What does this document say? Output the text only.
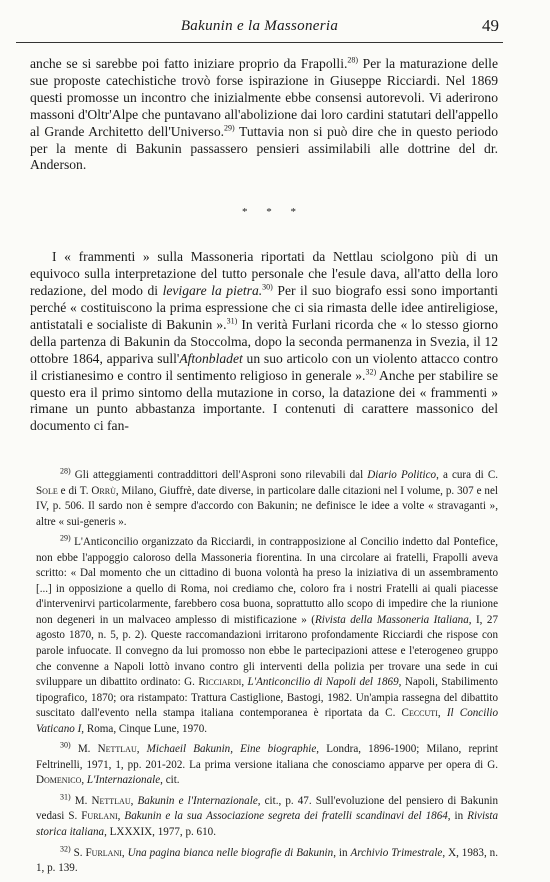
Bakunin e la Massoneria	49

anche se si sarebbe poi fatto iniziare proprio da Frapolli.$^{28)}$ Per la maturazione delle sue proposte catechistiche trovò forse ispirazione in Giuseppe Ricciardi. Nel 1869 questi promosse un incontro che inizialmente ebbe consensi autorevoli. Vi aderirono massoni d'Oltr'Alpe che puntavano all'abolizione dai loro cardini statutari dell'appello al Grande Architetto dell'Universo.$^{29)}$ Tuttavia non si può dire che in questo periodo per la mente di Bakunin passassero pensieri assimilabili alle dottrine del dr. Anderson.

* * *

I « frammenti » sulla Massoneria riportati da Nettlau sciolgono più di un equivoco sulla interpretazione del tutto personale che l'esule dava, all'atto della loro redazione, del modo di levigare la pietra.$^{30)}$ Per il suo biografo essi sono importanti perché « costituiscono la prima espressione che ci sia rimasta delle idee antireligiose, antistatali e socialiste di Bakunin ».$^{31)}$ In verità Furlani ricorda che « lo stesso giorno della partenza di Bakunin da Stoccolma, dopo la seconda permanenza in Svezia, il 12 ottobre 1864, appariva sull'Aftonbladet un suo articolo con un violento attacco contro il cristianesimo e contro il sentimento religioso in generale ».$^{32)}$ Anche per stabilire se questo era il primo sintomo della mutazione in corso, la datazione dei « frammenti » rimane un punto abbastanza importante. I contenuti di carattere massonico del documento ci fan-

$^{28)}$ Gli atteggiamenti contraddittori dell'Asproni sono rilevabili dal Diario Politico, a cura di C. Sole e di T. Orrù, Milano, Giuffrè, date diverse, in particolare dalle citazioni nel I volume, p. 307 e nel IV, p. 506. Il sardo non è sempre d'accordo con Bakunin; ne definisce le idee a volte « stravaganti », altre « sui-generis ».

$^{29)}$ L'Anticoncilio organizzato da Ricciardi, in contrapposizione al Concilio indetto dal Pontefice, non ebbe l'appoggio caloroso della Massoneria fiorentina. In una circolare ai fratelli, Frapolli aveva scritto: « Dal momento che un cittadino di buona volontà ha preso la iniziativa di un assembramento [...] in opposizione a quello di Roma, noi crediamo che, coloro fra i nostri Fratelli ai quali piacesse d'intervenirvi particolarmente, farebbero cosa buona, soprattutto allo scopo di impedire che la riunione non degeneri in un malvaceo amplesso di mistificazione » (Rivista della Massoneria Italiana, I, 27 agosto 1870, n. 5, p. 2). Queste raccomandazioni irritarono profondamente Ricciardi che rispose con parole infuocate. Il convegno da lui promosso non ebbe le partecipazioni attese e l'eterogeneo gruppo che convenne a Napoli lottò invano contro gli interventi della polizia per trovare una sede in cui sviluppare un dibattito ordinato: G. Ricciardi, L'Anticoncilio di Napoli del 1869, Napoli, Stabilimento tipografico, 1870; ora ristampato: Trattura Castiglione, Bastogi, 1982. Un'ampia rassegna del dibattito suscitato dall'evento nella stampa italiana contemporanea è riportata da C. Ceccuti, Il Concilio Vaticano I, Roma, Cinque Lune, 1970.

$^{30)}$ M. Nettlau, Michaeil Bakunin, Eine biographie, Londra, 1896-1900; Milano, reprint Feltrinelli, 1971, 1, pp. 201-202. La prima versione italiana che conosciamo apparve per opera di G. Domenico, L'Internazionale, cit.

$^{31)}$ M. Nettlau, Bakunin e l'Internazionale, cit., p. 47. Sull'evoluzione del pensiero di Bakunin vedasi S. Furlani, Bakunin e la sua Associazione segreta dei fratelli scandinavi del 1864, in Rivista storica italiana, LXXXIX, 1977, p. 610.

$^{32)}$ S. Furlani, Una pagina bianca nelle biografie di Bakunin, in Archivio Trimestrale, X, 1983, n. 1, p. 139.
